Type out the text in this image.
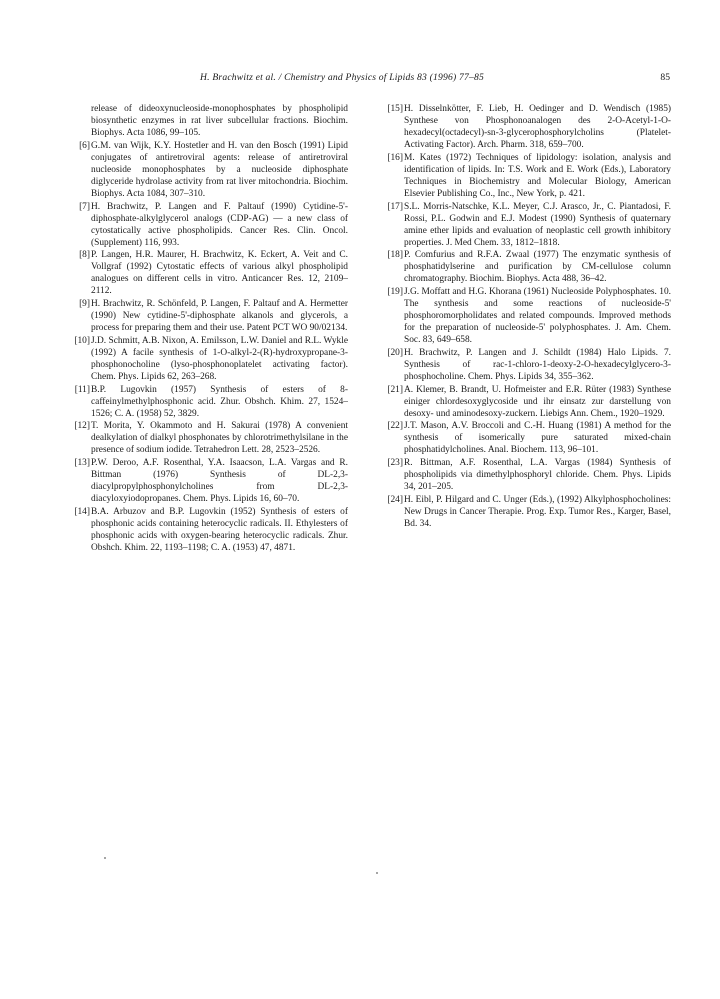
H. Brachwitz et al. / Chemistry and Physics of Lipids 83 (1996) 77–85	85
release of dideoxynucleoside-monophosphates by phospholipid biosynthetic enzymes in rat liver subcellular fractions. Biochim. Biophys. Acta 1086, 99–105.
[6] G.M. van Wijk, K.Y. Hostetler and H. van den Bosch (1991) Lipid conjugates of antiretroviral agents: release of antiretroviral nucleoside monophosphates by a nucleoside diphosphate diglyceride hydrolase activity from rat liver mitochondria. Biochim. Biophys. Acta 1084, 307–310.
[7] H. Brachwitz, P. Langen and F. Paltauf (1990) Cytidine-5'-diphosphate-alkylglycerol analogs (CDP-AG) — a new class of cytostatically active phospholipids. Cancer Res. Clin. Oncol. (Supplement) 116, 993.
[8] P. Langen, H.R. Maurer, H. Brachwitz, K. Eckert, A. Veit and C. Vollgraf (1992) Cytostatic effects of various alkyl phospholipid analogues on different cells in vitro. Anticancer Res. 12, 2109–2112.
[9] H. Brachwitz, R. Schönfeld, P. Langen, F. Paltauf and A. Hermetter (1990) New cytidine-5'-diphosphate alkanols and glycerols, a process for preparing them and their use. Patent PCT WO 90/02134.
[10] J.D. Schmitt, A.B. Nixon, A. Emilsson, L.W. Daniel and R.L. Wykle (1992) A facile synthesis of 1-O-alkyl-2-(R)-hydroxypropane-3-phosphonocholine (lyso-phosphonoplatelet activating factor). Chem. Phys. Lipids 62, 263–268.
[11] B.P. Lugovkin (1957) Synthesis of esters of 8-caffeinylmethylphosphonic acid. Zhur. Obshch. Khim. 27, 1524–1526; C. A. (1958) 52, 3829.
[12] T. Morita, Y. Okammoto and H. Sakurai (1978) A convenient dealkylation of dialkyl phosphonates by chlorotrimethylsilane in the presence of sodium iodide. Tetrahedron Lett. 28, 2523–2526.
[13] P.W. Deroo, A.F. Rosenthal, Y.A. Isaacson, L.A. Vargas and R. Bittman (1976) Synthesis of DL-2,3-diacylpropylphosphonylcholines from DL-2,3-diacyloxyiodopropanes. Chem. Phys. Lipids 16, 60–70.
[14] B.A. Arbuzov and B.P. Lugovkin (1952) Synthesis of esters of phosphonic acids containing heterocyclic radicals. II. Ethylesters of phosphonic acids with oxygen-bearing heterocyclic radicals. Zhur. Obshch. Khim. 22, 1193–1198; C. A. (1953) 47, 4871.
[15] H. Disselnkötter, F. Lieb, H. Oedinger and D. Wendisch (1985) Synthese von Phosphonoanalogen des 2-O-Acetyl-1-O-hexadecyl(octadecyl)-sn-3-glycerophosphorylcholins (Platelet-Activating Factor). Arch. Pharm. 318, 659–700.
[16] M. Kates (1972) Techniques of lipidology: isolation, analysis and identification of lipids. In: T.S. Work and E. Work (Eds.), Laboratory Techniques in Biochemistry and Molecular Biology, American Elsevier Publishing Co., Inc., New York, p. 421.
[17] S.L. Morris-Natschke, K.L. Meyer, C.J. Arasco, Jr., C. Piantadosi, F. Rossi, P.L. Godwin and E.J. Modest (1990) Synthesis of quaternary amine ether lipids and evaluation of neoplastic cell growth inhibitory properties. J. Med Chem. 33, 1812–1818.
[18] P. Comfurius and R.F.A. Zwaal (1977) The enzymatic synthesis of phosphatidylserine and purification by CM-cellulose column chromatography. Biochim. Biophys. Acta 488, 36–42.
[19] J.G. Moffatt and H.G. Khorana (1961) Nucleoside Polyphosphates. 10. The synthesis and some reactions of nucleoside-5' phosphoromorpholidates and related compounds. Improved methods for the preparation of nucleoside-5' polyphosphates. J. Am. Chem. Soc. 83, 649–658.
[20] H. Brachwitz, P. Langen and J. Schildt (1984) Halo Lipids. 7. Synthesis of rac-1-chloro-1-deoxy-2-O-hexadecylglycero-3-phosphocholine. Chem. Phys. Lipids 34, 355–362.
[21] A. Klemer, B. Brandt, U. Hofmeister and E.R. Rüter (1983) Synthese einiger chlordesoxyglycoside und ihr einsatz zur darstellung von desoxy- und aminodesoxy-zuckern. Liebigs Ann. Chem., 1920–1929.
[22] J.T. Mason, A.V. Broccoli and C.-H. Huang (1981) A method for the synthesis of isomerically pure saturated mixed-chain phosphatidylcholines. Anal. Biochem. 113, 96–101.
[23] R. Bittman, A.F. Rosenthal, L.A. Vargas (1984) Synthesis of phospholipids via dimethylphosphoryl chloride. Chem. Phys. Lipids 34, 201–205.
[24] H. Eibl, P. Hilgard and C. Unger (Eds.), (1992) Alkylphosphocholines: New Drugs in Cancer Therapie. Prog. Exp. Tumor Res., Karger, Basel, Bd. 34.
